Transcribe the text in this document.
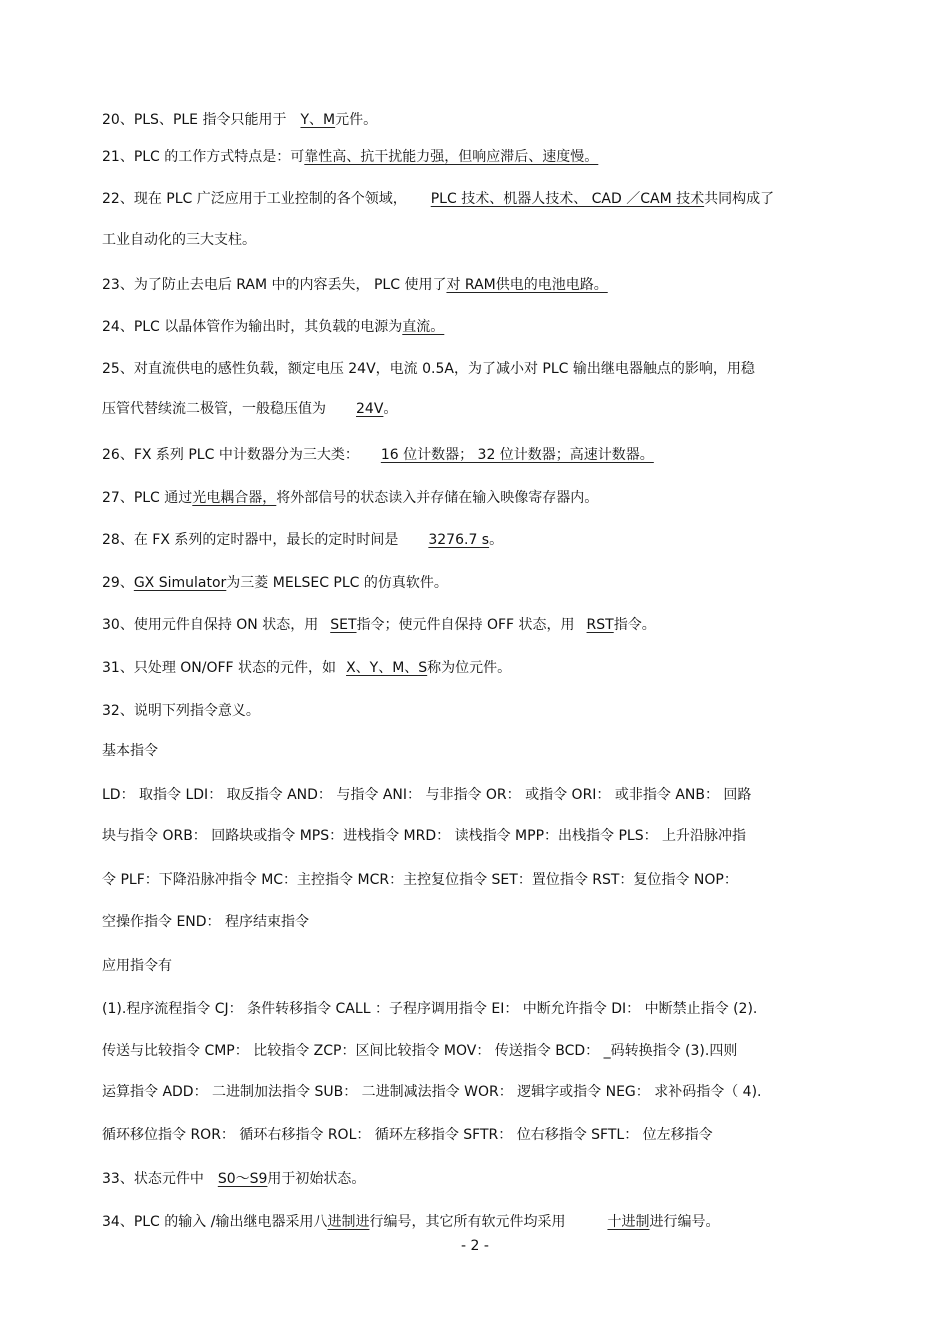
20、PLS、PLE 指令只能用于 Y、M元件。
21、PLC 的工作方式特点是：可靠性高、抗干扰能力强，但响应滞后、速度慢。
22、现在 PLC 广泛应用于工业控制的各个领域， PLC 技术、机器人技术、 CAD ／CAM 技术共同构成了
工业自动化的三大支柱。
23、为了防止去电后 RAM 中的内容丢失， PLC 使用了对 RAM供电的电池电路。
24、PLC 以晶体管作为输出时，其负载的电源为直流。
25、对直流供电的感性负载，额定电压 24V，电流 0.5A，为了减小对 PLC 输出继电器触点的影响，用稳
压管代替续流二极管，一般稳压值为 24V。
26、FX 系列 PLC 中计数器分为三大类： 16 位计数器； 32 位计数器；高速计数器。
27、PLC 通过光电耦合器，将外部信号的状态读入并存储在输入映像寄存器内。
28、在 FX 系列的定时器中，最长的定时时间是 3276.7 s。
29、GX Simulator为三菱 MELSEC PLC 的仿真软件。
30、使用元件自保持 ON 状态，用 SET指令；使元件自保持 OFF 状态，用 RST指令。
31、只处理 ON/OFF 状态的元件，如 X、Y、M、S称为位元件。
32、说明下列指令意义。
基本指令
LD： 取指令 LDI： 取反指令 AND： 与指令 ANI： 与非指令 OR： 或指令 ORI： 或非指令 ANB： 回路
块与指令 ORB： 回路块或指令 MPS：进栈指令 MRD： 读栈指令 MPP：出栈指令 PLS： 上升沿脉冲指
令 PLF：下降沿脉冲指令 MC：主控指令 MCR：主控复位指令 SET：置位指令 RST：复位指令 NOP：
空操作指令 END： 程序结束指令
应用指令有
(1).程序流程指令 CJ： 条件转移指令 CALL ：子程序调用指令 EI： 中断允许指令 DI： 中断禁止指令 (2).
传送与比较指令 CMP： 比较指令 ZCP：区间比较指令 MOV： 传送指令 BCD： _码转换指令 (3).四则
运算指令 ADD： 二进制加法指令 SUB： 二进制减法指令 WOR： 逻辑字或指令 NEG： 求补码指令（ 4).
循环移位指令 ROR： 循环右移指令 ROL： 循环左移指令 SFTR： 位右移指令 SFTL： 位左移指令
33、状态元件中 S0～S9用于初始状态。
34、PLC 的输入 /输出继电器采用八进制进行编号，其它所有软元件均采用	十进制进行编号。
- 2 -
